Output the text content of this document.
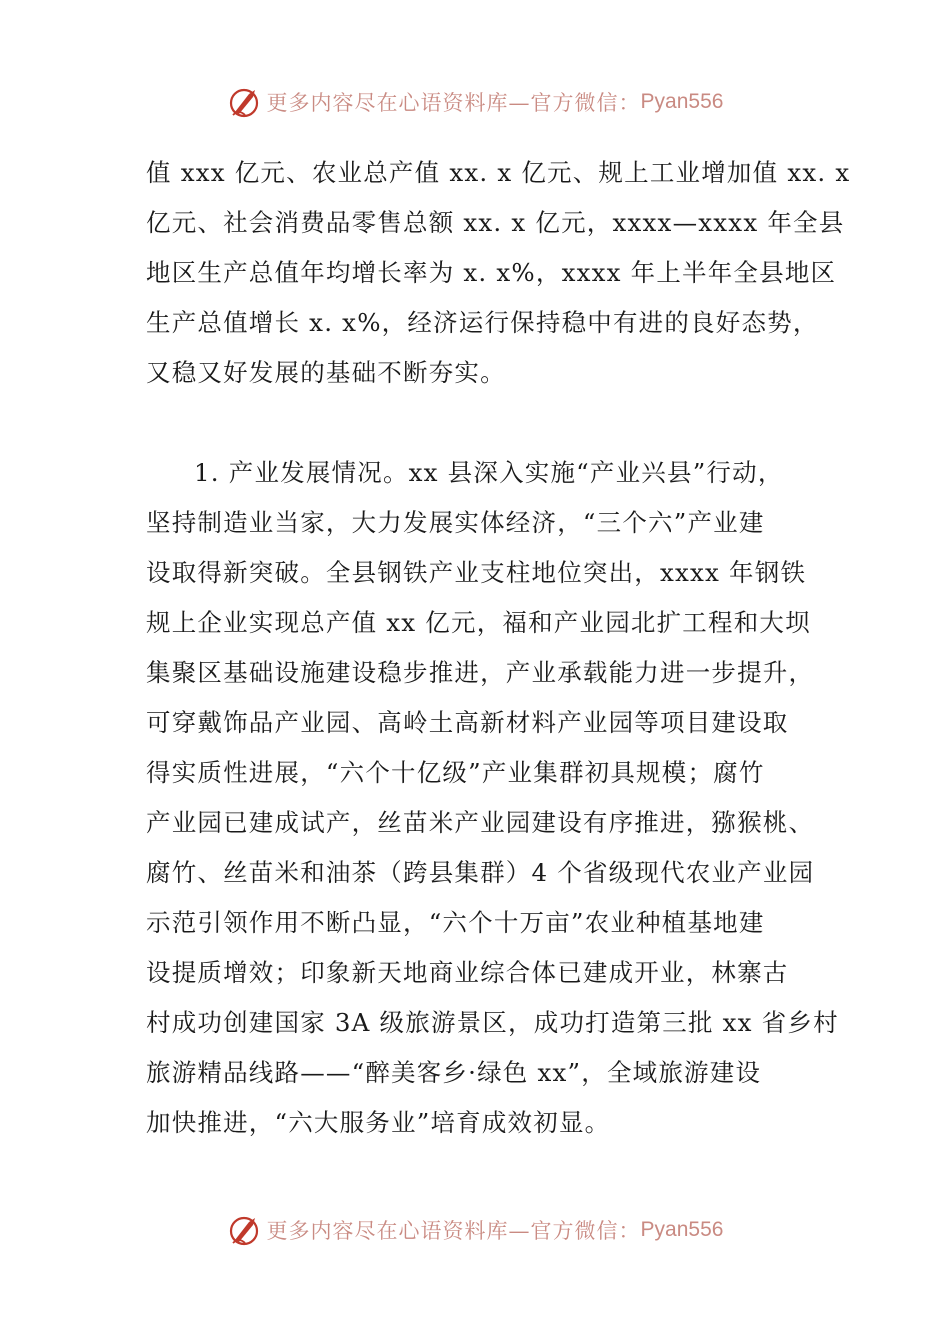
更多内容尽在心语资料库—官方微信： Pyan556
值 xxx 亿元、农业总产值 xx. x 亿元、规上工业增加值 xx. x
亿元、社会消费品零售总额 xx. x 亿元，xxxx—xxxx 年全县
地区生产总值年均增长率为 x. x%，xxxx 年上半年全县地区
生产总值增长 x. x%，经济运行保持稳中有进的良好态势，
又稳又好发展的基础不断夯实。
1. 产业发展情况。xx 县深入实施“产业兴县”行动，
坚持制造业当家，大力发展实体经济，“三个六”产业建
设取得新突破。全县钢铁产业支柱地位突出，xxxx 年钢铁
规上企业实现总产值 xx 亿元，福和产业园北扩工程和大坝
集聚区基础设施建设稳步推进，产业承载能力进一步提升，
可穿戴饰品产业园、高岭土高新材料产业园等项目建设取
得实质性进展，“六个十亿级”产业集群初具规模；腐竹
产业园已建成试产，丝苗米产业园建设有序推进，猕猴桃、
腐竹、丝苗米和油茶（跨县集群）4 个省级现代农业产业园
示范引领作用不断凸显，“六个十万亩”农业种植基地建
设提质增效；印象新天地商业综合体已建成开业，林寨古
村成功创建国家 3A 级旅游景区，成功打造第三批 xx 省乡村
旅游精品线路——“醉美客乡·绿色 xx”，全域旅游建设
加快推进，“六大服务业”培育成效初显。
更多内容尽在心语资料库—官方微信： Pyan556
